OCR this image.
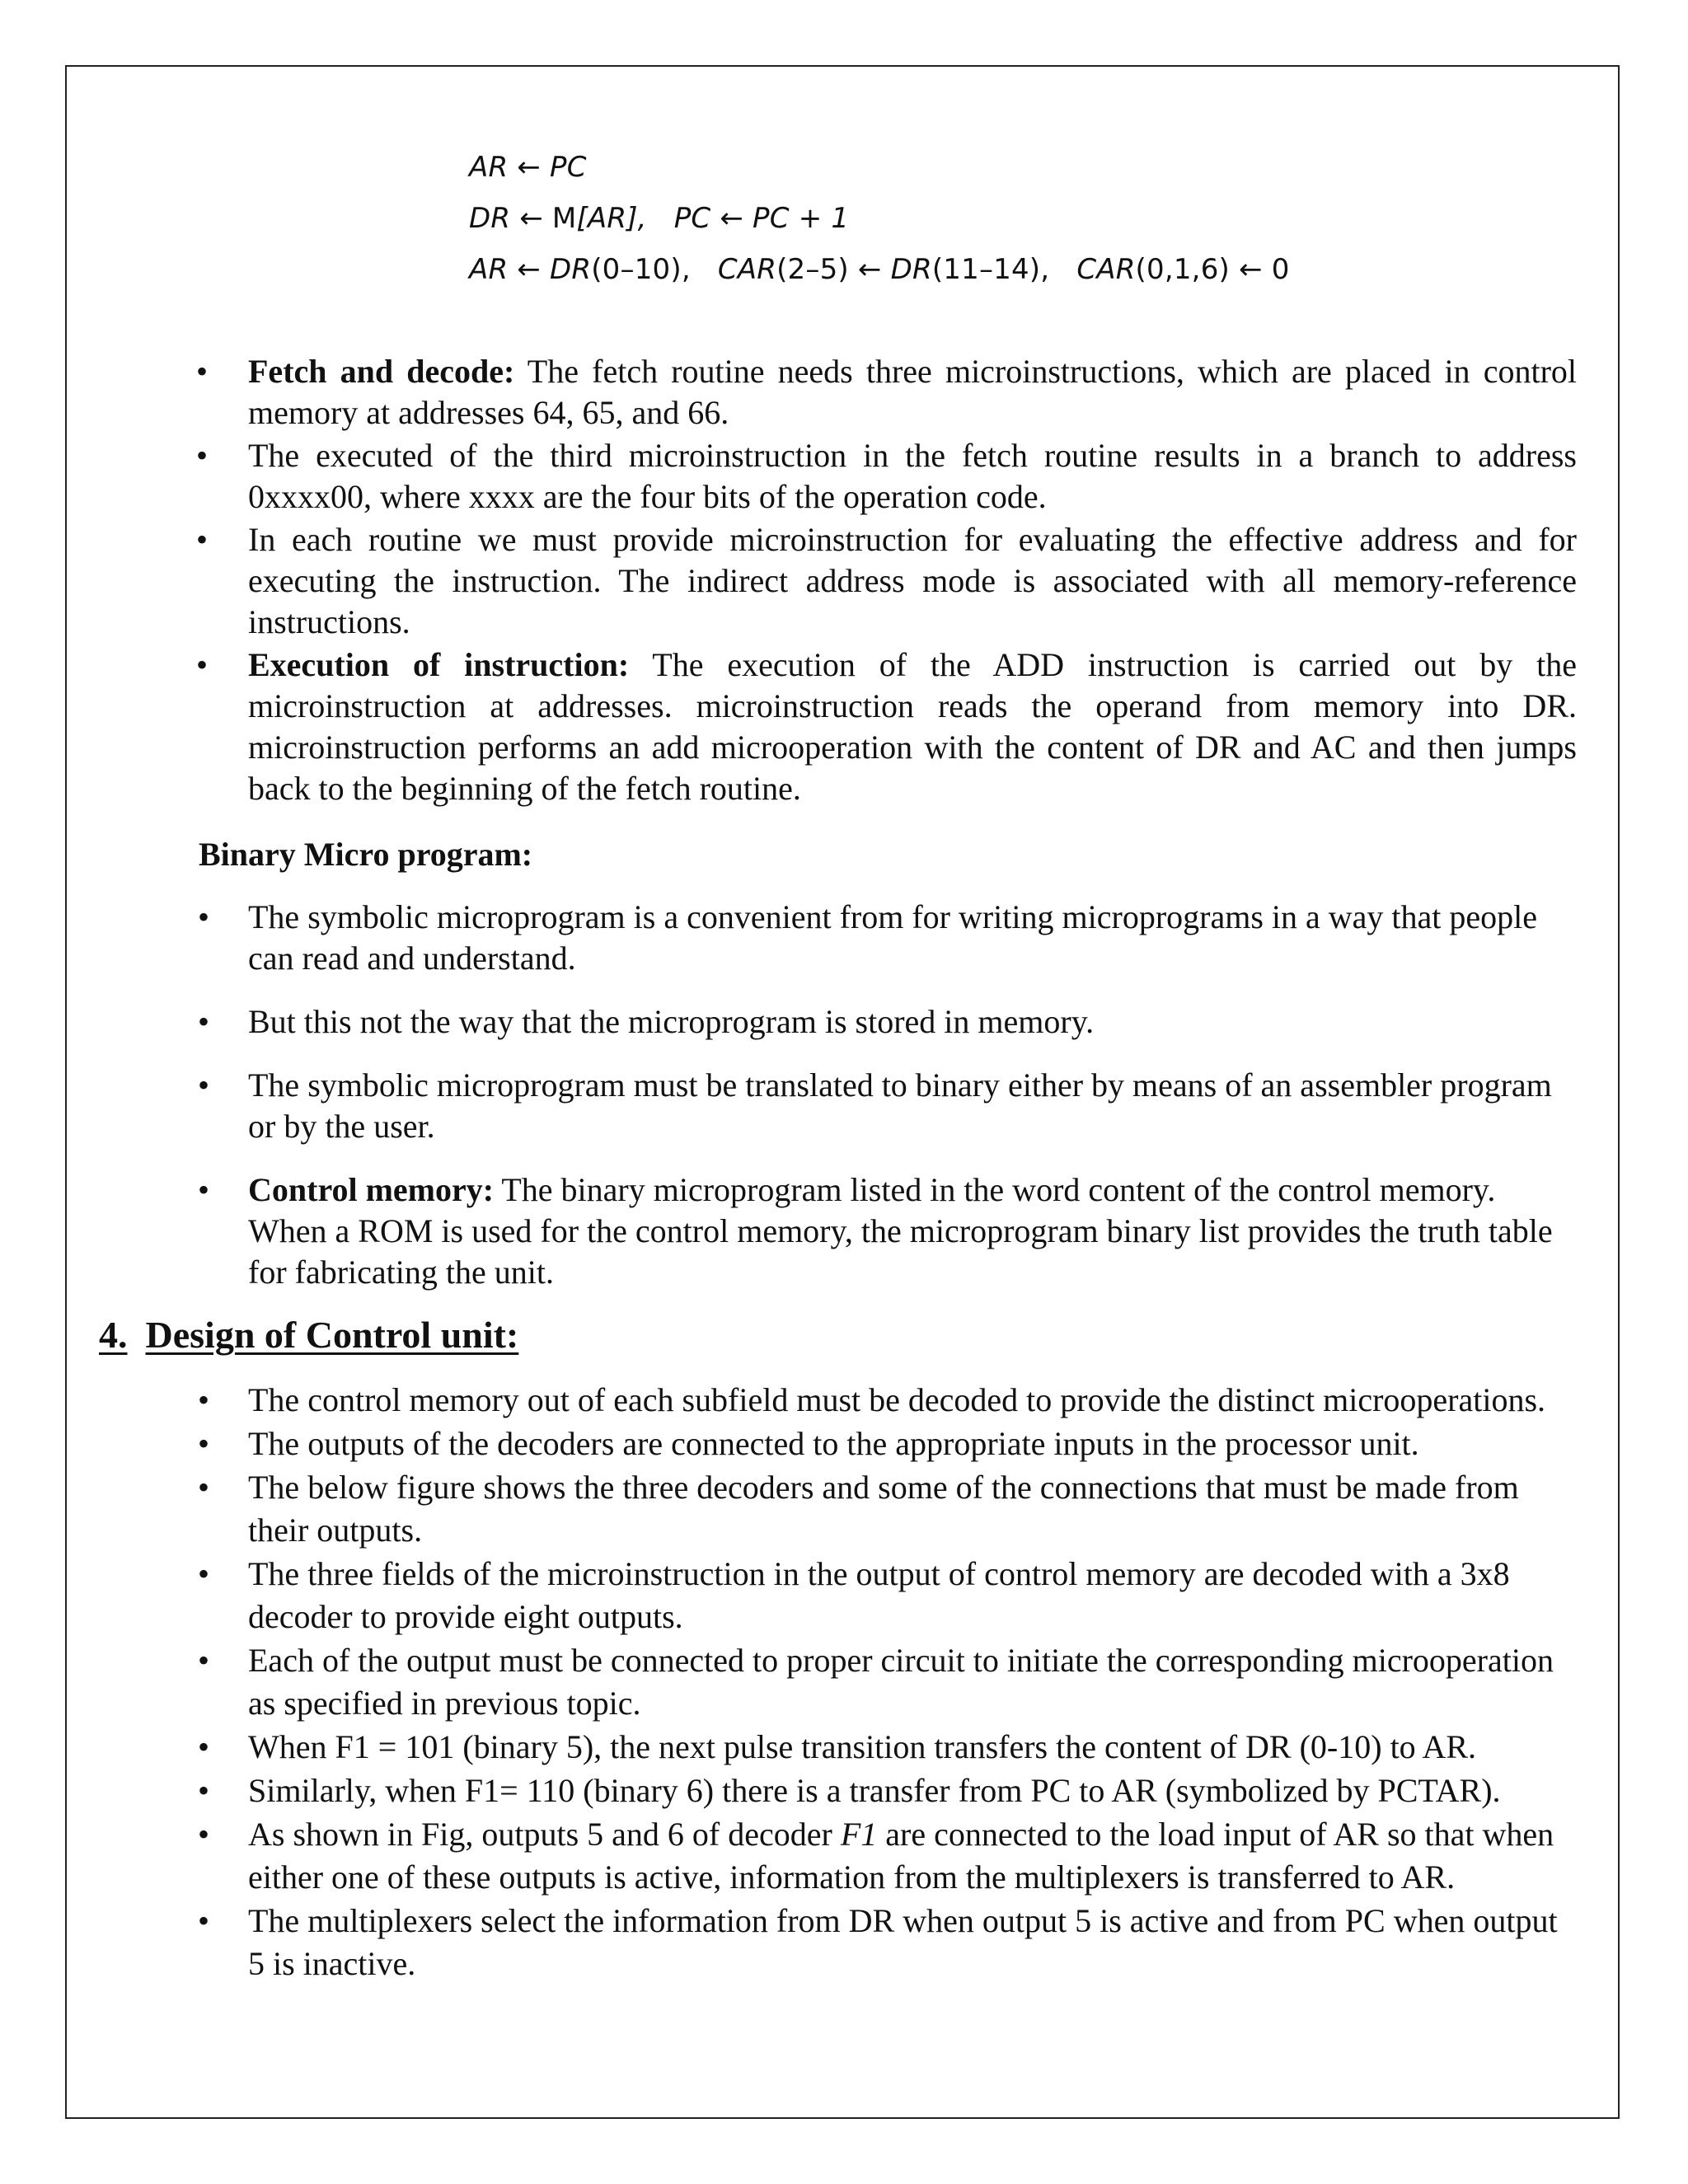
AR ← PC
DR ← M[AR],   PC ← PC + 1
AR ← DR(0–10),   CAR(2–5) ← DR(11–14),   CAR(0,1,6) ← 0
• Fetch and decode: The fetch routine needs three microinstructions, which are placed in control memory at addresses 64, 65, and 66.
• The executed of the third microinstruction in the fetch routine results in a branch to address 0xxxx00, where xxxx are the four bits of the operation code.
• In each routine we must provide microinstruction for evaluating the effective address and for executing the instruction. The indirect address mode is associated with all memory-reference instructions.
• Execution of instruction: The execution of the ADD instruction is carried out by the microinstruction at addresses. microinstruction reads the operand from memory into DR. microinstruction performs an add microoperation with the content of DR and AC and then jumps back to the beginning of the fetch routine.
Binary Micro program:
• The symbolic microprogram is a convenient from for writing microprograms in a way that people can read and understand.
• But this not the way that the microprogram is stored in memory.
• The symbolic microprogram must be translated to binary either by means of an assembler program or by the user.
• Control memory: The binary microprogram listed in the word content of the control memory. When a ROM is used for the control memory, the microprogram binary list provides the truth table for fabricating the unit.
4. Design of Control unit:
• The control memory out of each subfield must be decoded to provide the distinct microoperations.
• The outputs of the decoders are connected to the appropriate inputs in the processor unit.
• The below figure shows the three decoders and some of the connections that must be made from their outputs.
• The three fields of the microinstruction in the output of control memory are decoded with a 3x8 decoder to provide eight outputs.
• Each of the output must be connected to proper circuit to initiate the corresponding microoperation as specified in previous topic.
• When F1 = 101 (binary 5), the next pulse transition transfers the content of DR (0-10) to AR.
• Similarly, when F1= 110 (binary 6) there is a transfer from PC to AR (symbolized by PCTAR).
• As shown in Fig, outputs 5 and 6 of decoder F1 are connected to the load input of AR so that when either one of these outputs is active, information from the multiplexers is transferred to AR.
• The multiplexers select the information from DR when output 5 is active and from PC when output 5 is inactive.
